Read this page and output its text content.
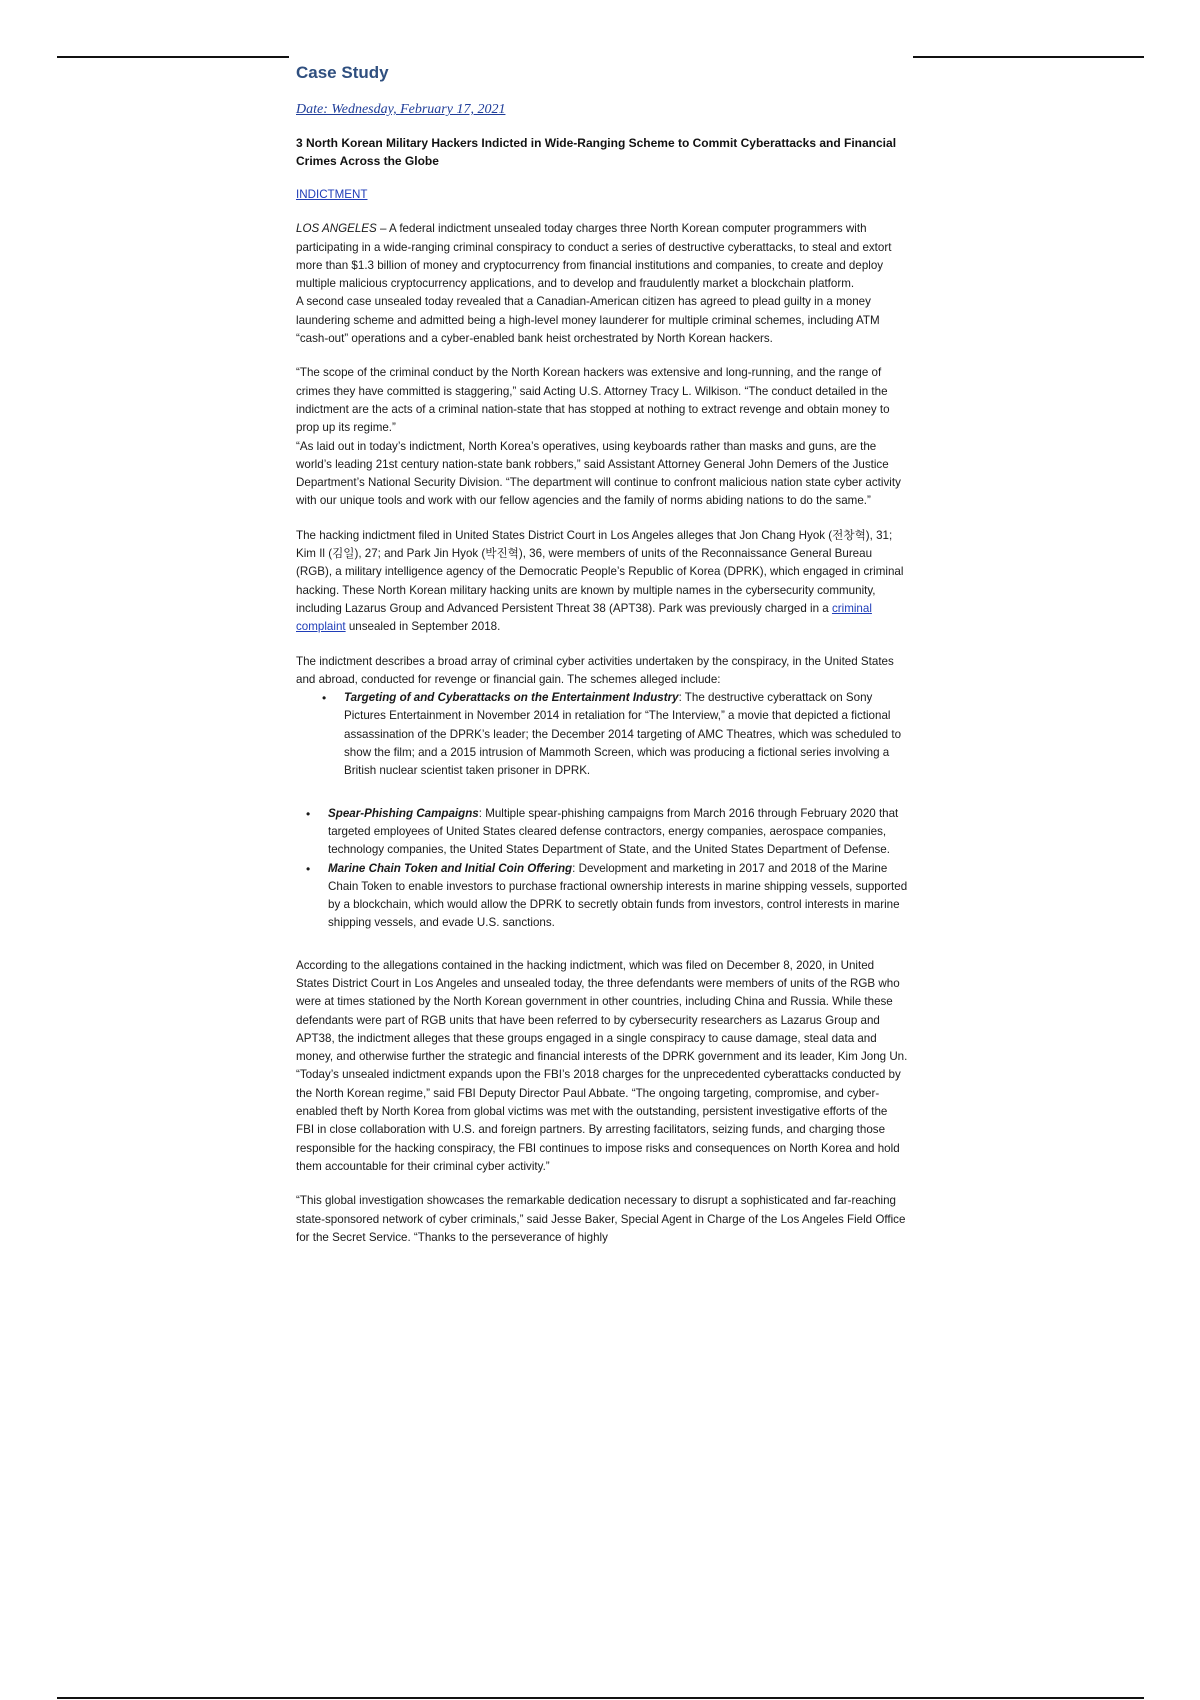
Case Study
Date: Wednesday, February 17, 2021
3 North Korean Military Hackers Indicted in Wide-Ranging Scheme to Commit Cyberattacks and Financial Crimes Across the Globe
INDICTMENT

LOS ANGELES – A federal indictment unsealed today charges three North Korean computer programmers with participating in a wide-ranging criminal conspiracy to conduct a series of destructive cyberattacks, to steal and extort more than $1.3 billion of money and cryptocurrency from financial institutions and companies, to create and deploy multiple malicious cryptocurrency applications, and to develop and fraudulently market a blockchain platform.

A second case unsealed today revealed that a Canadian-American citizen has agreed to plead guilty in a money laundering scheme and admitted being a high-level money launderer for multiple criminal schemes, including ATM “cash-out” operations and a cyber-enabled bank heist orchestrated by North Korean hackers.

“The scope of the criminal conduct by the North Korean hackers was extensive and long-running, and the range of crimes they have committed is staggering,” said Acting U.S. Attorney Tracy L. Wilkison. “The conduct detailed in the indictment are the acts of a criminal nation-state that has stopped at nothing to extract revenge and obtain money to prop up its regime.”

“As laid out in today’s indictment, North Korea’s operatives, using keyboards rather than masks and guns, are the world’s leading 21st century nation-state bank robbers,” said Assistant Attorney General John Demers of the Justice Department’s National Security Division. “The department will continue to confront malicious nation state cyber activity with our unique tools and work with our fellow agencies and the family of norms abiding nations to do the same.”

The hacking indictment filed in United States District Court in Los Angeles alleges that Jon Chang Hyok (전창혁), 31; Kim Il (김일), 27; and Park Jin Hyok (박진혁), 36, were members of units of the Reconnaissance General Bureau (RGB), a military intelligence agency of the Democratic People’s Republic of Korea (DPRK), which engaged in criminal hacking. These North Korean military hacking units are known by multiple names in the cybersecurity community, including Lazarus Group and Advanced Persistent Threat 38 (APT38). Park was previously charged in a criminal complaint unsealed in September 2018.

The indictment describes a broad array of criminal cyber activities undertaken by the conspiracy, in the United States and abroad, conducted for revenge or financial gain. The schemes alleged include:

• Targeting of and Cyberattacks on the Entertainment Industry: The destructive cyberattack on Sony Pictures Entertainment in November 2014 in retaliation for “The Interview,” a movie that depicted a fictional assassination of the DPRK’s leader; the December 2014 targeting of AMC Theatres, which was scheduled to show the film; and a 2015 intrusion of Mammoth Screen, which was producing a fictional series involving a British nuclear scientist taken prisoner in DPRK.
• Spear-Phishing Campaigns: Multiple spear-phishing campaigns from March 2016 through February 2020 that targeted employees of United States cleared defense contractors, energy companies, aerospace companies, technology companies, the United States Department of State, and the United States Department of Defense.
• Marine Chain Token and Initial Coin Offering: Development and marketing in 2017 and 2018 of the Marine Chain Token to enable investors to purchase fractional ownership interests in marine shipping vessels, supported by a blockchain, which would allow the DPRK to secretly obtain funds from investors, control interests in marine shipping vessels, and evade U.S. sanctions.

According to the allegations contained in the hacking indictment, which was filed on December 8, 2020, in United States District Court in Los Angeles and unsealed today, the three defendants were members of units of the RGB who were at times stationed by the North Korean government in other countries, including China and Russia. While these defendants were part of RGB units that have been referred to by cybersecurity researchers as Lazarus Group and APT38, the indictment alleges that these groups engaged in a single conspiracy to cause damage, steal data and money, and otherwise further the strategic and financial interests of the DPRK government and its leader, Kim Jong Un.

“Today’s unsealed indictment expands upon the FBI’s 2018 charges for the unprecedented cyberattacks conducted by the North Korean regime,” said FBI Deputy Director Paul Abbate. “The ongoing targeting, compromise, and cyber-enabled theft by North Korea from global victims was met with the outstanding, persistent investigative efforts of the FBI in close collaboration with U.S. and foreign partners. By arresting facilitators, seizing funds, and charging those responsible for the hacking conspiracy, the FBI continues to impose risks and consequences on North Korea and hold them accountable for their criminal cyber activity.”

“This global investigation showcases the remarkable dedication necessary to disrupt a sophisticated and far-reaching state-sponsored network of cyber criminals,” said Jesse Baker, Special Agent in Charge of the Los Angeles Field Office for the Secret Service. “Thanks to the perseverance of highly
